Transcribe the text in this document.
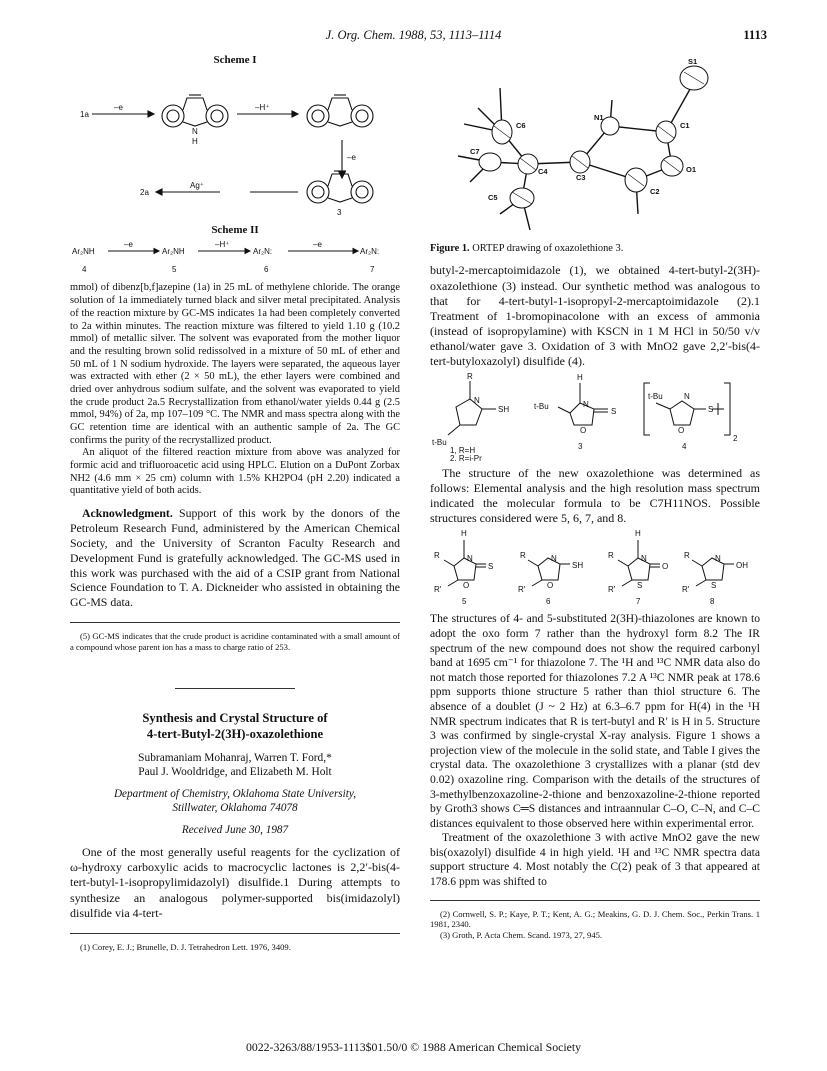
J. Org. Chem. 1988, 53, 1113–1114	1113
Scheme I
1a
–e
N
H
–H⁺
–e
Ag⁺
2a
3
Scheme II
Ar₂NH	Ar₂NH	Ar₂N:	Ar₂N:
–e	–H⁺	–e
4	5	6	7

mmol) of dibenz[b,f]azepine (1a) in 25 mL of methylene chloride. The orange solution of 1a immediately turned black and silver metal precipitated. Analysis of the reaction mixture by GC-MS indicates 1a had been completely converted to 2a within minutes. The reaction mixture was filtered to yield 1.10 g (10.2 mmol) of metallic silver. The solvent was evaporated from the mother liquor and the resulting brown solid redissolved in a mixture of 50 mL of ether and 50 mL of 1 N sodium hydroxide. The layers were separated, the aqueous layer was extracted with ether (2 × 50 mL), the ether layers were combined and dried over anhydrous sodium sulfate, and the solvent was evaporated to yield the crude product 2a.5 Recrystallization from ethanol/water yields 0.44 g (2.5 mmol, 94%) of 2a, mp 107–109 °C. The NMR and mass spectra along with the GC retention time are identical with an authentic sample of 2a. The GC confirms the purity of the recrystallized product.

An aliquot of the filtered reaction mixture from above was analyzed for formic acid and trifluoroacetic acid using HPLC. Elution on a DuPont Zorbax NH2 (4.6 mm × 25 cm) column with 1.5% KH2PO4 (pH 2.20) indicated a quantitative yield of both acids.

Acknowledgment. Support of this work by the donors of the Petroleum Research Fund, administered by the American Chemical Society, and the University of Scranton Faculty Research and Development Fund is gratefully acknowledged. The GC-MS used in this work was purchased with the aid of a CSIP grant from National Science Foundation to T. A. Dickneider who assisted in obtaining the GC-MS data.

(5) GC-MS indicates that the crude product is acridine contaminated with a small amount of a compound whose parent ion has a mass to charge ratio of 253.

Synthesis and Crystal Structure of
4-tert-Butyl-2(3H)-oxazolethione
Subramaniam Mohanraj, Warren T. Ford,*
Paul J. Wooldridge, and Elizabeth M. Holt
Department of Chemistry, Oklahoma State University,
Stillwater, Oklahoma 74078
Received June 30, 1987

One of the most generally useful reagents for the cyclization of ω-hydroxy carboxylic acids to macrocyclic lactones is 2,2′-bis(4-tert-butyl-1-isopropylimidazolyl) disulfide.1 During attempts to synthesize an analogous polymer-supported bis(imidazolyl) disulfide via 4-tert-

(1) Corey, E. J.; Brunelle, D. J. Tetrahedron Lett. 1976, 3409.

S1
C6
N1
C1
C7
C4
C3
O1
C5
C2

Figure 1. ORTEP drawing of oxazolethione 3.

butyl-2-mercaptoimidazole (1), we obtained 4-tert-butyl-2(3H)-oxazolethione (3) instead. Our synthetic method was analogous to that for 4-tert-butyl-1-isopropyl-2-mercaptoimidazole (2).1 Treatment of 1-bromopinacolone with an excess of ammonia (instead of isopropylamine) with KSCN in 1 M HCl in 50/50 v/v ethanol/water gave 3. Oxidation of 3 with MnO2 gave 2,2′-bis(4-tert-butyloxazolyl) disulfide (4).

R
N
SH
t-Bu
1, R=H
2, R=i-Pr
H
t-Bu	N
S
O
3
t-Bu	N
S
O
2
4

The structure of the new oxazolethione was determined as follows: Elemental analysis and the high resolution mass spectrum indicated the molecular formula to be C7H11NOS. Possible structures considered were 5, 6, 7, and 8.

H
R	N
S
R′	O
5
R	N
SH
R′	O
6
H
R	N
O
R′	S
7
R	N
OH
R′	S
8

The structures of 4- and 5-substituted 2(3H)-thiazolones are known to adopt the oxo form 7 rather than the hydroxyl form 8.2 The IR spectrum of the new compound does not show the required carbonyl band at 1695 cm⁻¹ for thiazolone 7. The ¹H and ¹³C NMR data also do not match those reported for thiazolones 7.2 A ¹³C NMR peak at 178.6 ppm supports thione structure 5 rather than thiol structure 6. The absence of a doublet (J ~ 2 Hz) at 6.3–6.7 ppm for H(4) in the ¹H NMR spectrum indicates that R is tert-butyl and R′ is H in 5. Structure 3 was confirmed by single-crystal X-ray analysis. Figure 1 shows a projection view of the molecule in the solid state, and Table I gives the crystal data. The oxazolethione 3 crystallizes with a planar (std dev 0.02) oxazoline ring. Comparison with the details of the structures of 3-methylbenzoxazoline-2-thione and benzoxazoline-2-thione reported by Groth3 shows C═S distances and intraannular C–O, C–N, and C–C distances equivalent to those observed here within experimental error.

Treatment of the oxazolethione 3 with active MnO2 gave the new bis(oxazolyl) disulfide 4 in high yield. ¹H and ¹³C NMR spectra data support structure 4. Most notably the C(2) peak of 3 that appeared at 178.6 ppm was shifted to

(2) Cornwell, S. P.; Kaye, P. T.; Kent, A. G.; Meakins, G. D. J. Chem. Soc., Perkin Trans. 1 1981, 2340.

(3) Groth, P. Acta Chem. Scand. 1973, 27, 945.

0022-3263/88/1953-1113$01.50/0 © 1988 American Chemical Society
